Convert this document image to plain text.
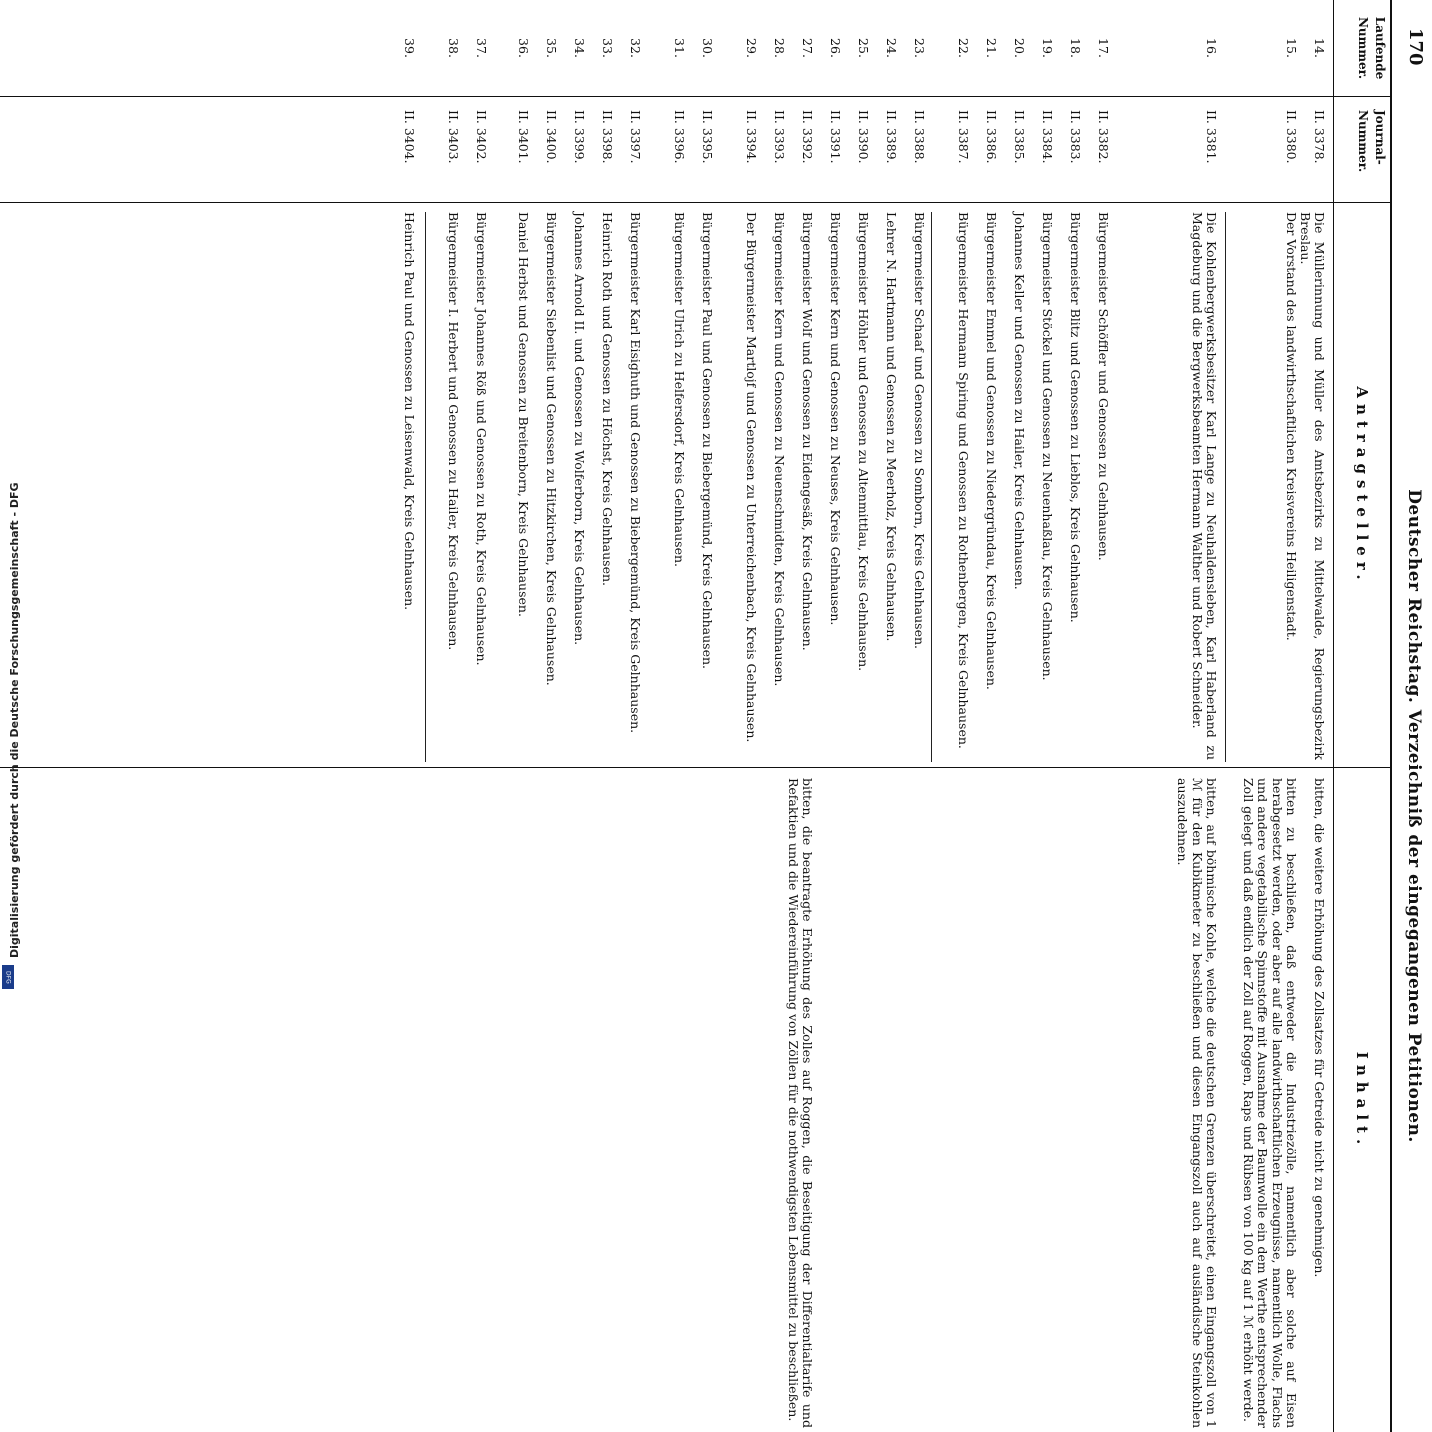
170
Deutscher Reichstag. Verzeichniß der eingegangenen Petitionen.
Laufende Nummer.
Journal-Nummer.
Antragsteller.
Inhalt.
14.
II. 3378.
Die Müllerinnung und Müller des Amtsbezirks zu Mittelwalde, Regierungsbezirk Breslau.
bitten, die weitere Erhöhung des Zollsatzes für Getreide nicht zu genehmigen.
15.
II. 3380.
Der Vorstand des landwirthschaftlichen Kreisvereins Heiligenstadt.
bitten zu beschließen, daß entweder die Industriezölle, namentlich aber solche auf Eisen herabgesetzt werden, oder aber auf alle landwirthschaftlichen Erzeugnisse, namentlich Wolle, Flachs und andere vegetabilische Spinnstoffe mit Ausnahme der Baumwolle ein dem Werthe entsprechender Zoll gelegt und daß endlich der Zoll auf Roggen, Raps und Rübsen von 100 kg auf 1 ℳ erhöht werde.
16.
II. 3381.
Die Kohlenbergwerksbesitzer Karl Lange zu Neuhaldensleben, Karl Haberland zu Magdeburg und die Bergwerksbeamten Hermann Walther und Robert Schneider.
bitten, auf böhmische Kohle, welche die deutschen Grenzen überschreitet, einen Eingangszoll von 1 ℳ für den Kubikmeter zu beschließen und diesen Eingangszoll auch auf ausländische Steinkohlen auszudehnen.
17.
II. 3382.
Bürgermeister Schöffler und Genossen zu Gelnhausen.
18.
II. 3383.
Bürgermeister Blitz und Genossen zu Lieblos, Kreis Gelnhausen.
19.
II. 3384.
Bürgermeister Stöckel und Genossen zu Neuenhaßlau, Kreis Gelnhausen.
20.
II. 3385.
Johannes Keller und Genossen zu Hailer, Kreis Gelnhausen.
21.
II. 3386.
Bürgermeister Emmel und Genossen zu Niedergründau, Kreis Gelnhausen.
22.
II. 3387.
Bürgermeister Hermann Spiring und Genossen zu Rothenbergen, Kreis Gelnhausen.
23.
II. 3388.
Bürgermeister Schaaf und Genossen zu Somborn, Kreis Gelnhausen.
24.
II. 3389.
Lehrer N. Hartmann und Genossen zu Meerholz, Kreis Gelnhausen.
25.
II. 3390.
Bürgermeister Höhler und Genossen zu Altenmittlau, Kreis Gelnhausen.
26.
II. 3391.
Bürgermeister Kern und Genossen zu Neuses, Kreis Gelnhausen.
27.
II. 3392.
Bürgermeister Wolf und Genossen zu Eidengesäß, Kreis Gelnhausen.
bitten, die beantragte Erhöhung des Zolles auf Roggen, die Beseitigung der Differentialtarife und Refaktien und die Wiedereinführung von Zöllen für die nothwendigsten Lebensmittel zu beschließen.
28.
II. 3393.
Bürgermeister Kern und Genossen zu Neuenschmidten, Kreis Gelnhausen.
29.
II. 3394.
Der Bürgermeister Martlojf und Genossen zu Unterreichenbach, Kreis Gelnhausen.
30.
II. 3395.
Bürgermeister Paul und Genossen zu Biebergemünd, Kreis Gelnhausen.
31.
II. 3396.
Bürgermeister Ulrich zu Helfersdorf, Kreis Gelnhausen.
32.
II. 3397.
Bürgermeister Karl Eisighuth und Genossen zu Biebergemünd, Kreis Gelnhausen.
33.
II. 3398.
Heinrich Roth und Genossen zu Höchst, Kreis Gelnhausen.
34.
II. 3399.
Johannes Arnold II. und Genossen zu Wolferborn, Kreis Gelnhausen.
35.
II. 3400.
Bürgermeister Siebenlist und Genossen zu Hitzkirchen, Kreis Gelnhausen.
36.
II. 3401.
Daniel Herbst und Genossen zu Breitenborn, Kreis Gelnhausen.
37.
II. 3402.
Bürgermeister Johannes Röß und Genossen zu Roth, Kreis Gelnhausen.
38.
II. 3403.
Bürgermeister I. Herbert und Genossen zu Hailer, Kreis Gelnhausen.
39.
II. 3404.
Heinrich Paul und Genossen zu Leisenwald, Kreis Gelnhausen.
DFG
Digitalisierung gefördert durch die Deutsche Forschungsgemeinschaft - DFG
